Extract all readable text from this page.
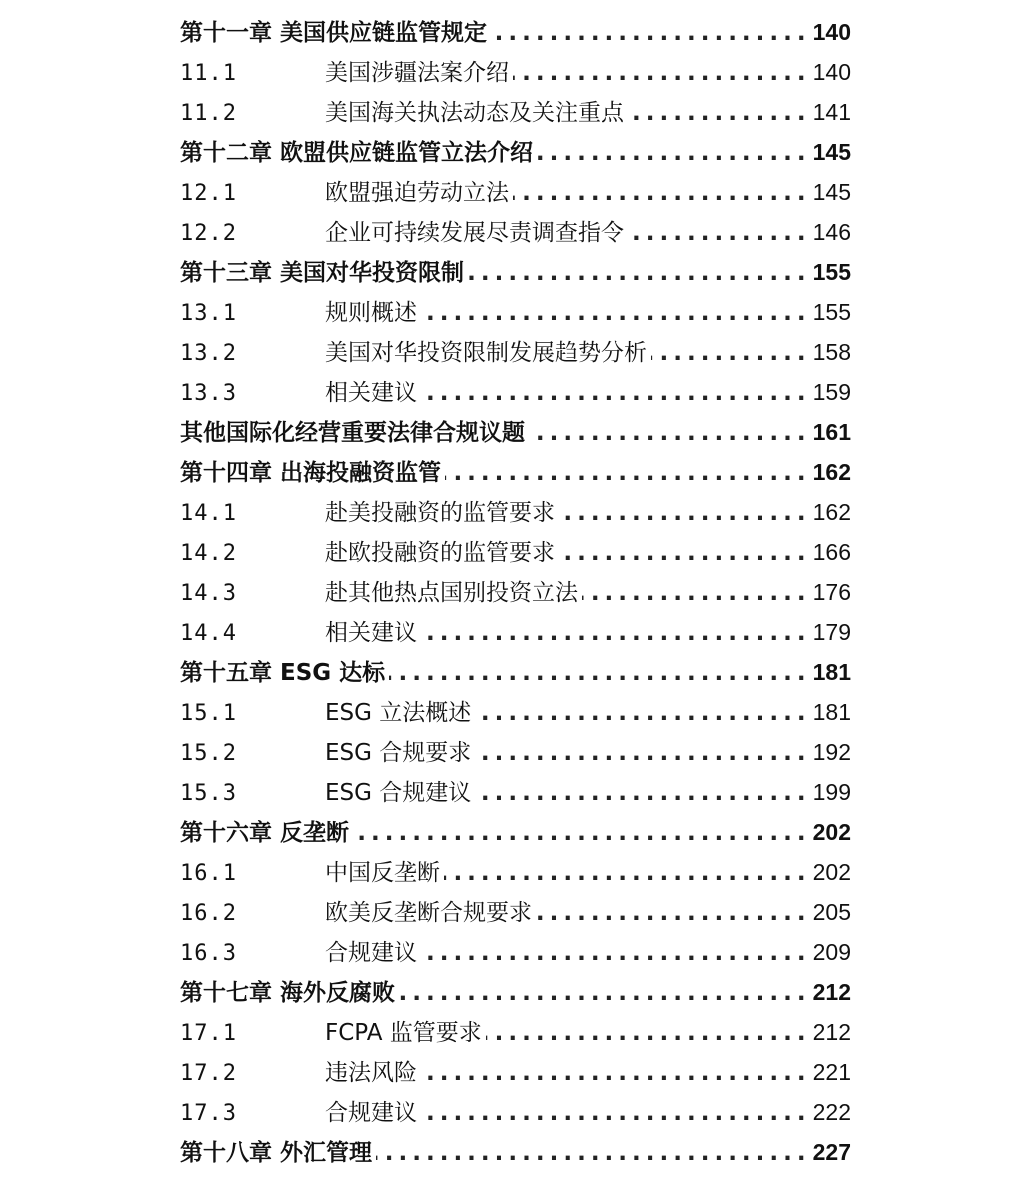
第十一章 美国供应链监管规定 .....	140
11.1	美国涉疆法案介绍 .....	140
11.2	美国海关执法动态及关注重点 .....	141
第十二章 欧盟供应链监管立法介绍 .....	145
12.1	欧盟强迫劳动立法 .....	145
12.2	企业可持续发展尽责调查指令 .....	146
第十三章 美国对华投资限制 .....	155
13.1	规则概述 .....	155
13.2	美国对华投资限制发展趋势分析 .....	158
13.3	相关建议 .....	159
其他国际化经营重要法律合规议题 .....	161
第十四章 出海投融资监管 .....	162
14.1	赴美投融资的监管要求 .....	162
14.2	赴欧投融资的监管要求 .....	166
14.3	赴其他热点国别投资立法 .....	176
14.4	相关建议 .....	179
第十五章 ESG 达标 .....	181
15.1	ESG 立法概述 .....	181
15.2	ESG 合规要求 .....	192
15.3	ESG 合规建议 .....	199
第十六章 反垄断 .....	202
16.1	中国反垄断 .....	202
16.2	欧美反垄断合规要求 .....	205
16.3	合规建议 .....	209
第十七章 海外反腐败 .....	212
17.1	FCPA 监管要求 .....	212
17.2	违法风险 .....	221
17.3	合规建议 .....	222
第十八章 外汇管理 .....	227
